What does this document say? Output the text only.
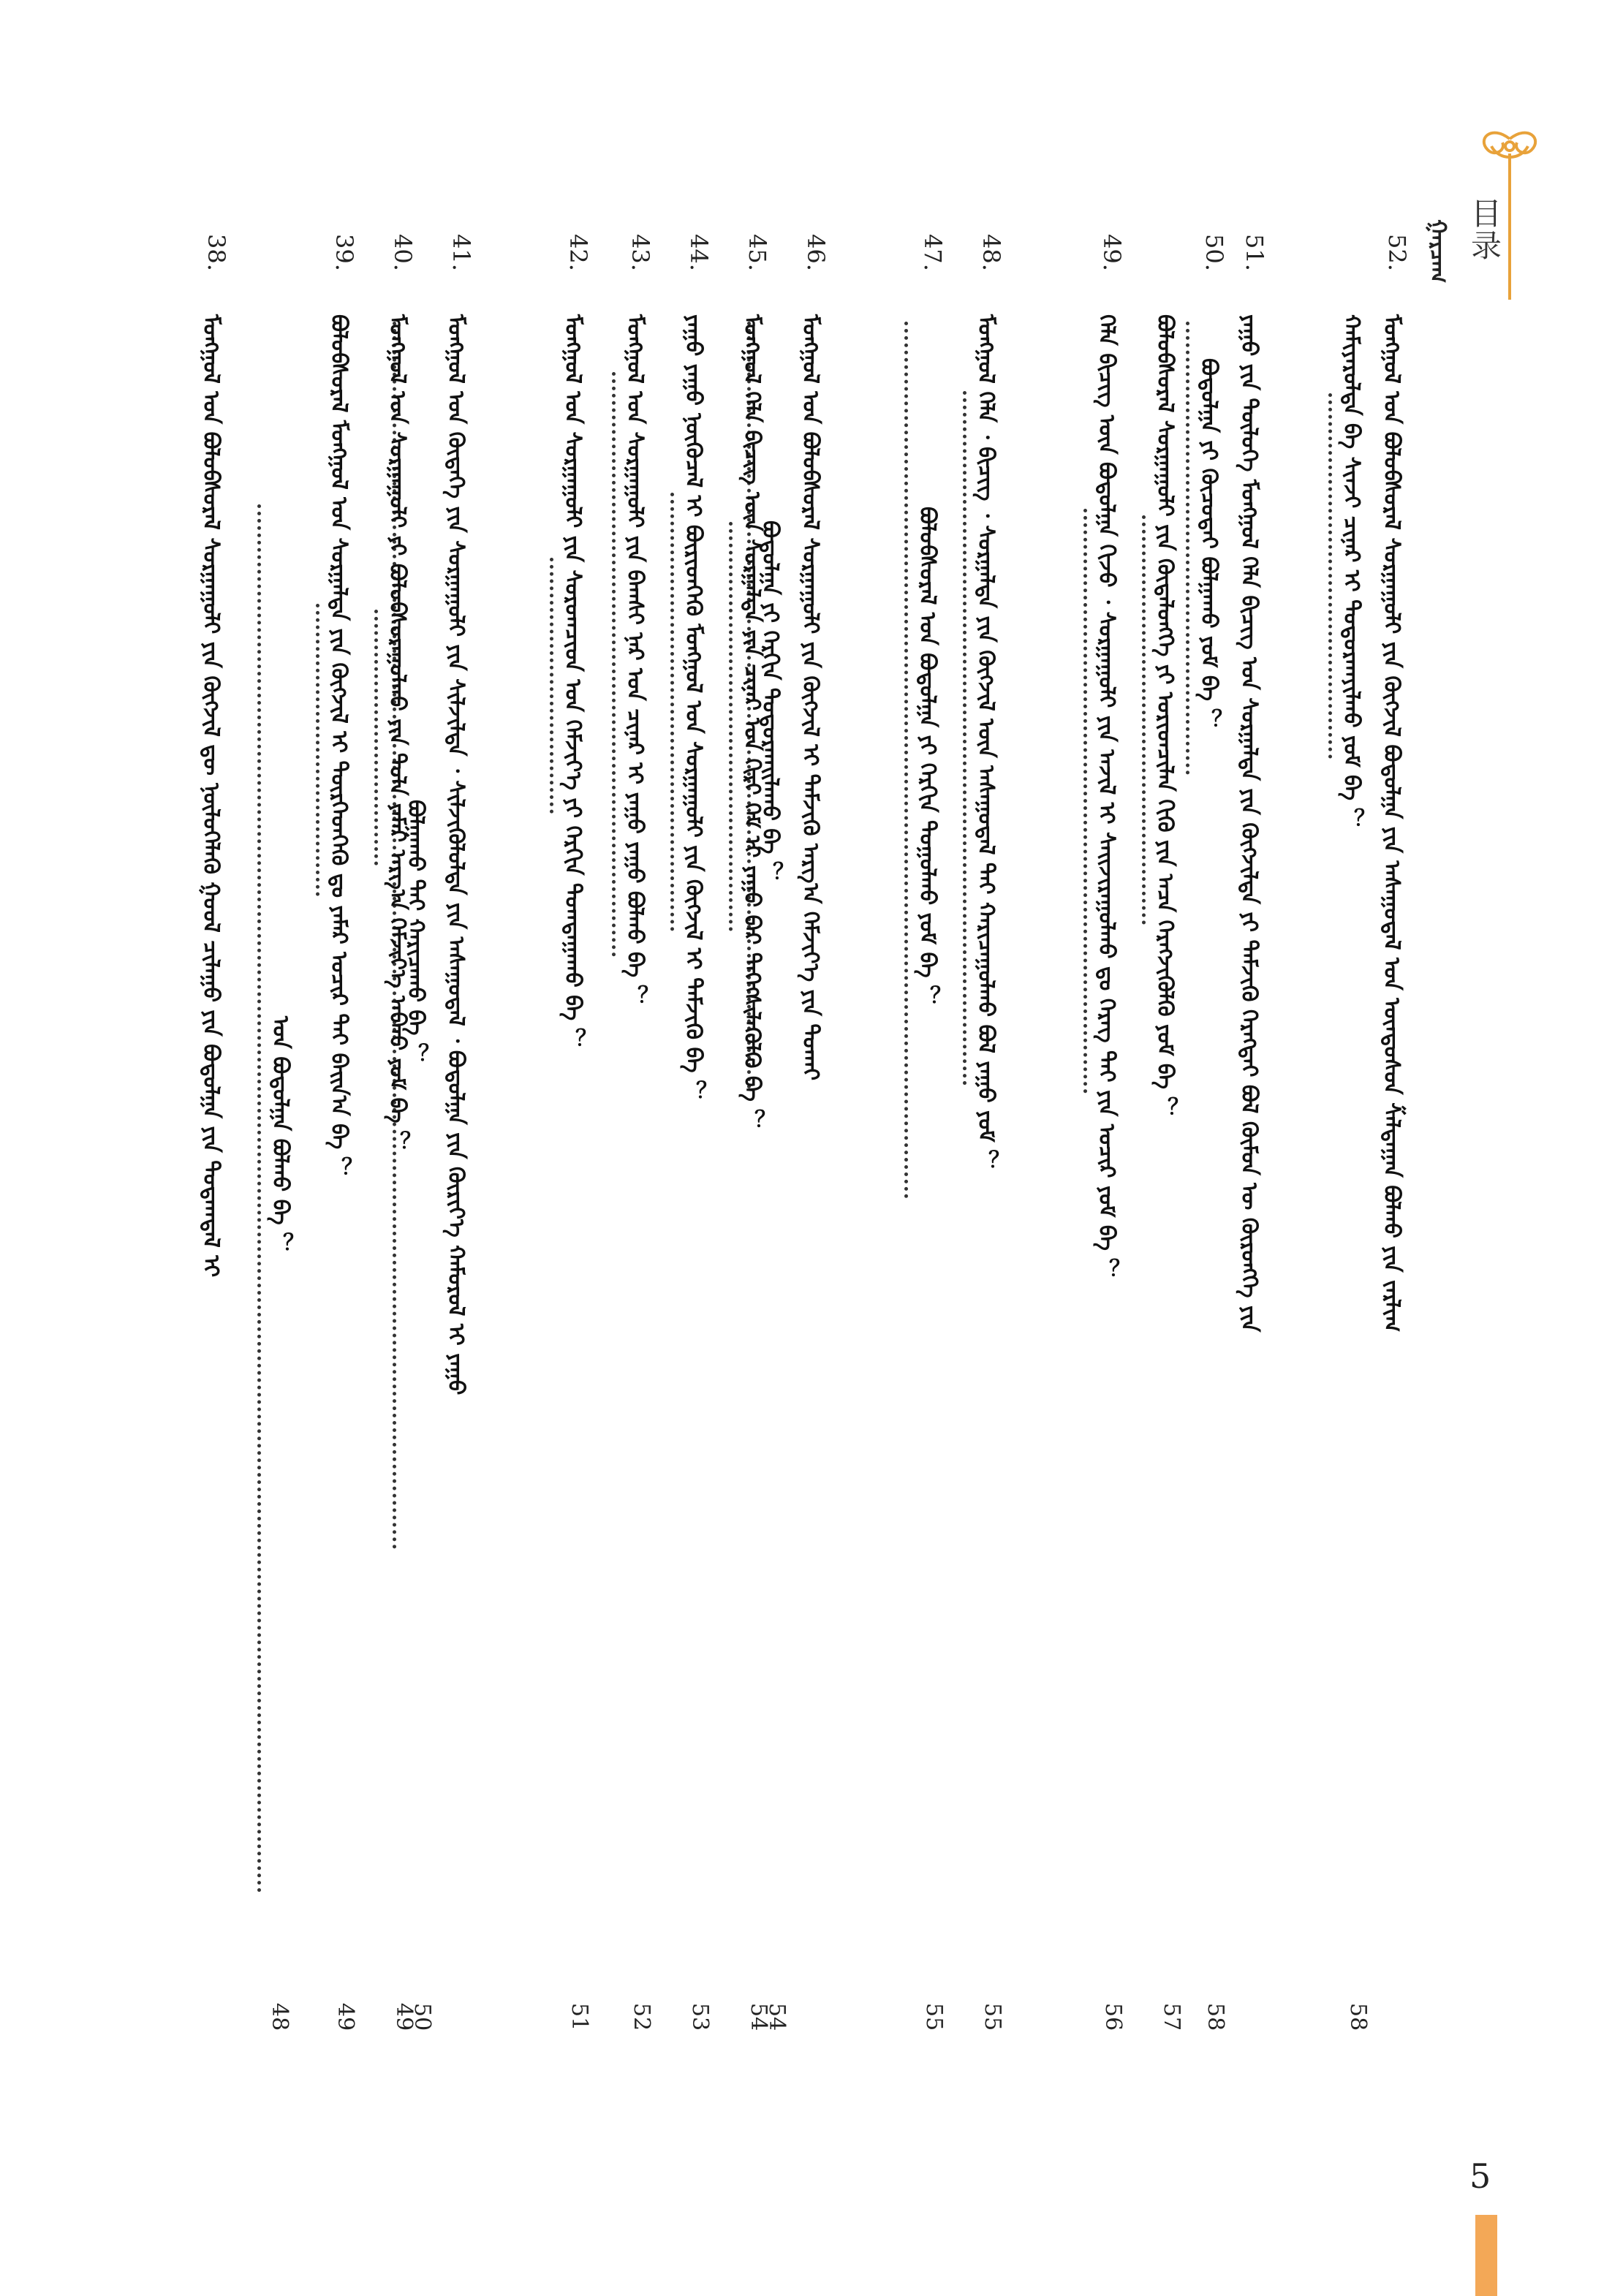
目录
ᠭᠠᠷᠴᠠᠭ
52.
ᠮᠣᠩᠭᠣᠯ ᠤᠨ ᠪᠣᠯᠤᠪᠰᠤᠷᠠᠯ ᠰᠤᠷᠭᠠᠭᠤᠯᠢ ᠶᠢᠨ ᠬᠥᠭᠵᠢᠯ ᠪᠣᠳᠣᠯᠭᠠ ᠶᠢᠨ ᠠᠰᠠᠭᠤᠳᠠᠯ ᠤᠨ ᠦᠨᠳᠦᠰᠦᠨ ᠱᠠᠯᠲᠠᠭᠠᠨ ᠪᠣᠯᠬᠤ ᠶᠢᠨ ᠵᠠᠷᠯᠢᠭ
ᠬᠠᠮᠢᠶᠠᠷᠤᠯᠲᠠ ᠪᠠ ᠰᠢᠨᠵᠢ ᠴᠢᠨᠠᠷ ᠢ ᠲᠣᠳᠣᠷᠬᠠᠶᠢᠯᠬᠤ ᠶᠤᠮ ᠪᠡ ？
58
51.
ᠶᠠᠭᠤ ᠶᠢᠨ ᠲᠥᠯᠦᠭᠡ ᠮᠣᠩᠭᠣᠯ ᠬᠡᠯᠡ ᠪᠢᠴᠢᠭ ᠤᠨ ᠰᠤᠷᠭᠠᠯᠲᠠ ᠶᠢᠨ ᠬᠥᠭᠵᠢᠯᠲᠡ ᠶᠢ ᠳᠡᠮᠵᠢᠬᠦ ᠬᠡᠷᠡᠭᠲᠡᠢ ᠪᠣᠯ ᠬᠦᠮᠦᠨ ᠦ ᠬᠥᠷᠥᠩᠭᠡ ᠶᠢᠨ
50.
ᠪᠣᠳᠣᠯᠭᠠ ᠶᠢ ᠬᠦᠴᠦᠳᠡᠢ ᠪᠣᠯᠭᠠᠬᠤ ᠶᠤᠮ ᠪᠡ ？
58
ᠪᠣᠯᠤᠪᠰᠤᠷᠠᠯ ᠰᠤᠷᠭᠠᠭᠤᠯᠢ ᠶᠢᠨ ᠬᠥᠳᠡᠯᠦᠩᠭᠡ ᠶᠢ ᠤᠷᠢᠳᠴᠢᠯᠠᠨ ᠬᠢᠬᠦ ᠶᠢᠨ ᠠᠴᠠ ᠬᠡᠷᠡᠭᠵᠢᠭᠦᠯᠬᠦ ᠶᠤᠮ ᠪᠡ ？
57
49.
ᠬᠡᠯᠡ ᠪᠢᠴᠢᠭ ᠦᠨ ᠪᠣᠳᠣᠯᠭᠠ ᠬᠢᠵᠦ ᠂ ᠰᠤᠷᠭᠠᠭᠤᠯᠢ ᠶᠢᠨ ᠠᠵᠢᠯ ᠢ ᠰᠠᠢᠵᠢᠷᠠᠭᠤᠯᠬᠤ ᠳᠤ ᠬᠡᠷᠡᠭ ᠲᠠᠢ ᠶᠢᠨ ᠤᠴᠢᠷ ᠶᠤᠮ ᠪᠡ ？
56
48.
ᠮᠣᠩᠭᠣᠯ ᠬᠡᠯᠡ ᠂ ᠪᠢᠴᠢᠭ ᠂ ᠰᠤᠷᠭᠠᠯᠲᠠ ᠶᠢᠨ ᠬᠥᠭᠵᠢᠯ ᠦᠨ ᠠᠰᠠᠭᠤᠳᠠᠯ ᠲᠠᠢ ᠬᠠᠷᠢᠴᠠᠭᠤᠯᠬᠤ ᠪᠣᠯ ᠶᠠᠭᠤ ᠶᠤᠮ ？
55
47.
ᠪᠣᠯᠤᠪᠰᠤᠷᠠᠯ ᠤᠨ ᠪᠣᠳᠣᠯᠭᠠ ᠶᠢ ᠬᠡᠷᠬᠢᠨ ᠲᠤᠭᠤᠯᠬᠤ ᠶᠤᠮ ᠪᠡ ？
55
46.
ᠮᠣᠩᠭᠣᠯ ᠤᠨ ᠪᠣᠯᠤᠪᠰᠤᠷᠠᠯ ᠰᠤᠷᠭᠠᠭᠤᠯᠢ ᠶᠢᠨ ᠬᠥᠭᠵᠢᠯ ᠢ ᠳᠡᠮᠵᠢᠬᠦ ᠠᠷᠭ᠎ᠠ ᠬᠡᠮᠵᠢᠶ᠎ᠡ ᠶᠢᠨ ᠲᠤᠬᠠᠢ
ᠪᠣᠳᠣᠯᠭᠠ ᠶᠢ ᠬᠡᠷᠬᠢᠨ ᠲᠣᠳᠣᠷᠬᠠᠢᠯᠠᠬᠤ ᠪᠡ ？
54
45.
ᠮᠣᠩᠭᠣᠯ ᠬᠡᠯᠡ ᠪᠢᠴᠢᠭ ᠦᠨ ᠰᠤᠷᠭᠠᠯᠲᠠ ᠶᠢᠨ ᠴᠢᠨᠠᠷ ᠤᠨ ᠬᠢᠷᠢ ᠬᠡᠮ ᠢ ᠶᠠᠭᠤ ᠪᠡᠷ ᠳᠡᠭᠡᠭᠰᠢᠯᠡᠭᠦᠯᠬᠦ ᠪᠡ ？
54
44.
ᠶᠠᠭᠤ ᠶᠠᠭᠤ ᠨᠥᠬᠦᠴᠡᠯ ᠢ ᠪᠦᠷᠢᠳᠬᠡᠬᠦ ᠮᠣᠩᠭᠣᠯ ᠤᠨ ᠰᠤᠷᠭᠠᠭᠤᠯᠢ ᠶᠢᠨ ᠬᠥᠭᠵᠢᠯ ᠢ ᠳᠡᠮᠵᠢᠬᠦ ᠪᠡ ？
53
43.
ᠮᠣᠩᠭᠣᠯ ᠤᠨ ᠰᠤᠷᠭᠠᠭᠤᠯᠢ ᠶᠢᠨ ᠪᠠᠭᠰᠢ ᠨᠠᠷ ᠤᠨ ᠴᠢᠨᠠᠷ ᠢ ᠶᠠᠭᠤ ᠶᠠᠭᠤ ᠪᠣᠯᠬᠤ ᠪᠡ ？
52
42.
ᠮᠣᠩᠭᠣᠯ ᠤᠨ ᠰᠤᠷᠭᠠᠭᠤᠯᠢ ᠶᠢᠨ ᠰᠤᠷᠤᠭᠴᠢᠳ ᠤᠨ ᠬᠡᠮᠵᠢᠶ᠎ᠡ ᠶᠢ ᠬᠡᠷᠬᠢᠨ ᠲᠣᠭᠲᠠᠭᠠᠬᠤ ᠪᠡ ？
51
41.
ᠮᠣᠩᠭᠣᠯ ᠤᠨ ᠬᠥᠳᠡᠭᠡ ᠶᠢᠨ ᠰᠤᠷᠭᠠᠭᠤᠯᠢ ᠶᠢᠨ ᠰᠢᠯᠵᠢᠯᠲᠡ ᠂ ᠰᠢᠯᠵᠢᠭᠦᠯᠦᠯᠲᠡ ᠶᠢᠨ ᠠᠰᠠᠭᠤᠳᠠᠯ ᠂ ᠪᠣᠳᠣᠯᠭᠠ ᠶᠢᠨ ᠬᠦᠷᠢᠶ᠎ᠡ ᠬᠠᠮᠤᠷᠤᠯ ᠢ ᠶᠠᠭᠤ
ᠪᠣᠯᠭᠠᠬᠤ ᠲᠠᠢ ᠬᠠᠷᠢᠴᠠᠬᠤ ᠪᠡ ？
50
40.
ᠮᠣᠩᠭᠣᠯ ᠤᠨ ᠰᠤᠷᠭᠠᠭᠤᠯᠢ ᠶᠢ ᠪᠣᠯᠤᠪᠰᠤᠷᠠᠭᠤᠯᠬᠤ ᠶᠢᠨ ᠲᠤᠯᠠ ᠶᠠᠮᠠᠷ ᠠᠷᠭ᠎ᠠ ᠬᠡᠮᠵᠢᠶ᠎ᠡ ᠠᠪᠬᠤ ᠶᠤᠮ ᠪᠡ ？
49
39.
ᠪᠣᠯᠤᠪᠰᠤᠷᠠᠯ ᠮᠣᠩᠭᠣᠯ ᠤᠨ ᠰᠤᠷᠭᠠᠯᠲᠠ ᠶᠢᠨ ᠬᠥᠭᠵᠢᠯ ᠢ ᠲᠦᠷᠭᠡᠳᠭᠡᠬᠦ ᠳᠤ ᠶᠠᠮᠠᠷ ᠤᠴᠢᠷ ᠲᠠᠢ ᠪᠠᠢᠨ᠎ᠠ ᠪᠡ ？
49
ᠤᠨ ᠪᠣᠳᠣᠯᠭᠠ ᠪᠣᠯᠬᠤ ᠪᠡ ？
38.
ᠮᠣᠩᠭᠣᠯ ᠤᠨ ᠪᠣᠯᠤᠪᠰᠤᠷᠠᠯ ᠰᠤᠷᠭᠠᠭᠤᠯᠢ ᠶᠢᠨ ᠬᠥᠭᠵᠢᠯ ᠳᠦ ᠨᠥᠯᠦᠭᠡᠯᠡᠬᠦ ᠭᠣᠣᠯ ᠴᠢᠯᠠᠭᠤ ᠶᠢᠨ ᠪᠣᠳᠣᠯᠭᠠ ᠶᠢᠨ ᠳᠤᠲᠠᠭᠳᠠᠯ ᠢ
48
5
